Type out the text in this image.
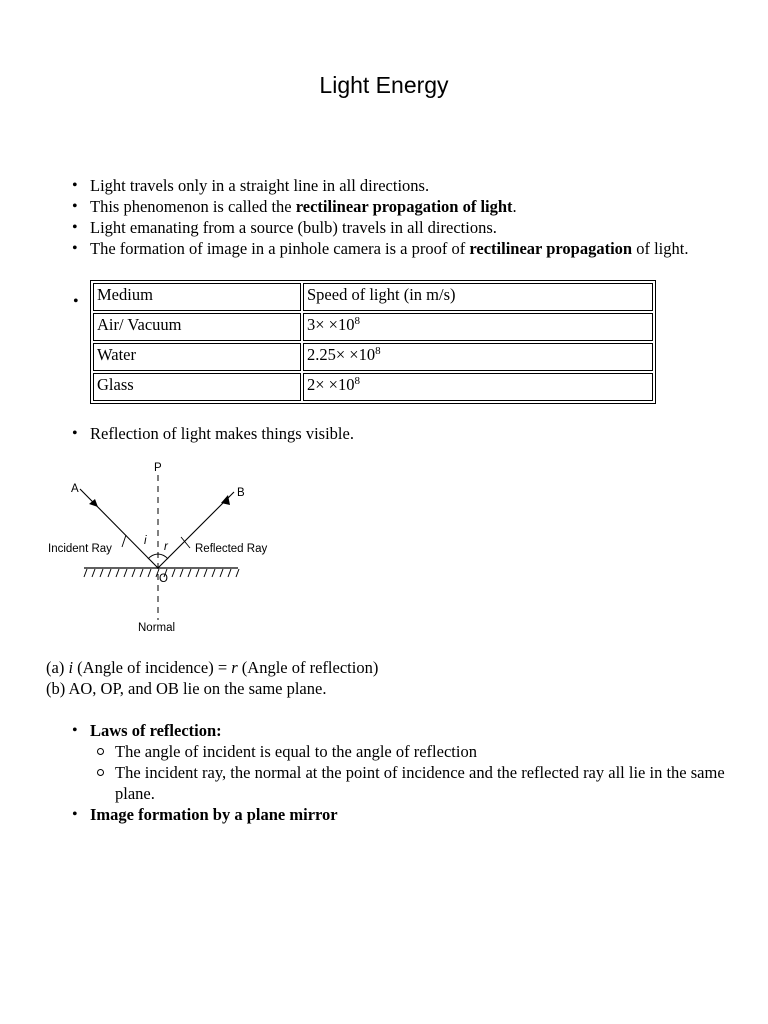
Light Energy
• Light travels only in a straight line in all directions.
• This phenomenon is called the rectilinear propagation of light.
• Light emanating from a source (bulb) travels in all directions.
• The formation of image in a pinhole camera is a proof of rectilinear propagation of light.
• Medium	Speed of light (in m/s)
Air/ Vacuum	$3\times \times 10^8$
Water	$2.25\times \times 10^8$
Glass	$2\times \times 10^8$
• Reflection of light makes things visible.
A	B
P
O
i r
Incident Ray	Reflected Ray
Normal

(a) i (Angle of incidence) = r (Angle of reflection)

(b) AO, OP, and OB lie on the same plane.

• Laws of reflection:
The angle of incident is equal to the angle of reflection
The incident ray, the normal at the point of incidence and the reflected ray all lie in the same plane.
• Image formation by a plane mirror
